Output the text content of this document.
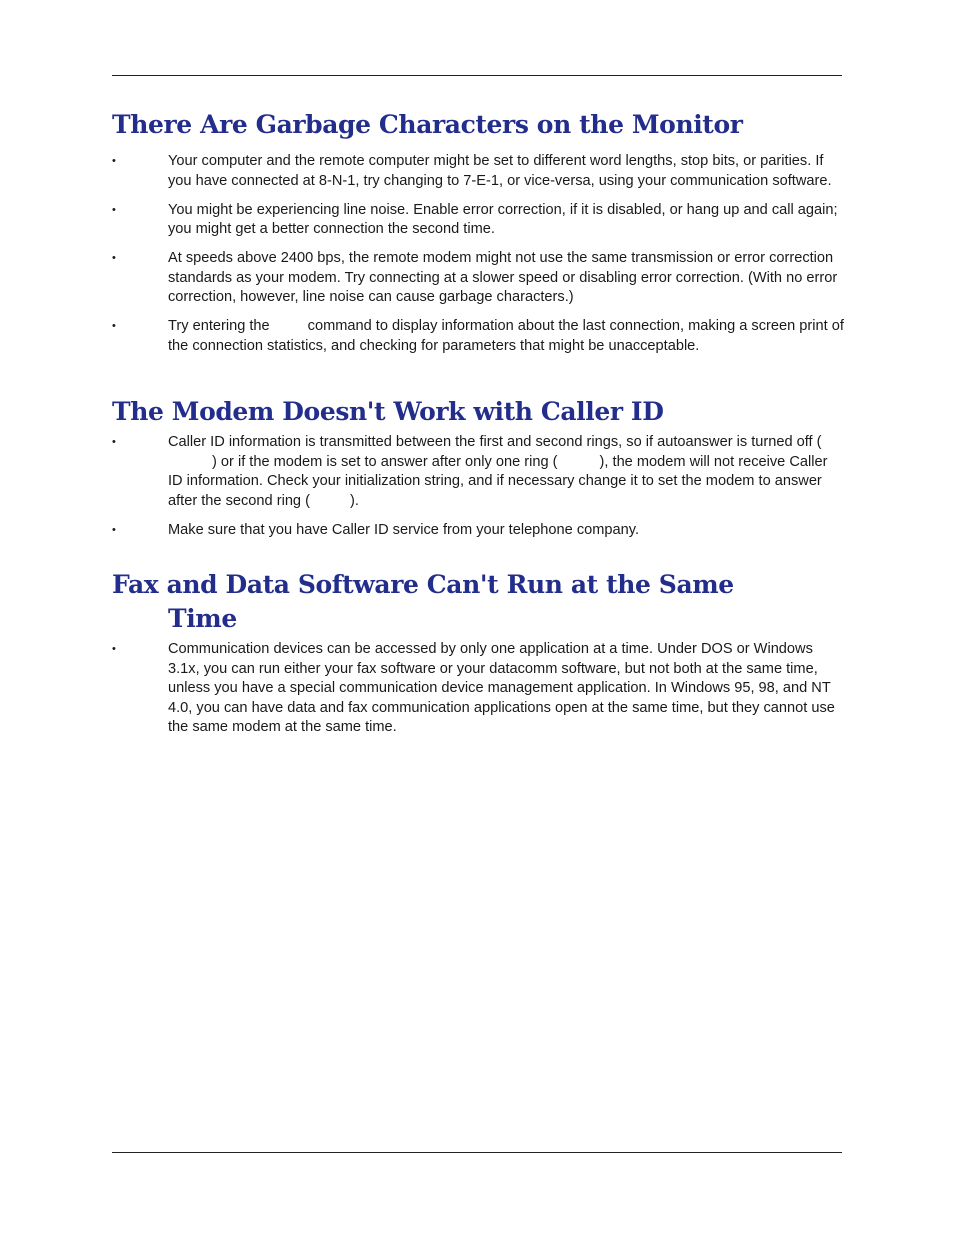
There Are Garbage Characters on the Monitor
•	Your computer and the remote computer might be set to different word lengths, stop bits, or parities. If you have connected at 8-N-1, try changing to 7-E-1, or vice-versa, using your communication software.
•	You might be experiencing line noise. Enable error correction, if it is disabled, or hang up and call again; you might get a better connection the second time.
•	At speeds above 2400 bps, the remote modem might not use the same transmission or error correction standards as your modem. Try connecting at a slower speed or disabling error correction. (With no error correction, however, line noise can cause garbage characters.)
•	Try entering the	command to display information about the last connection, making a screen print of the connection statistics, and checking for parameters that might be unacceptable.
The Modem Doesn't Work with Caller ID
•	Caller ID information is transmitted between the first and second rings, so if autoanswer is turned off () or if the modem is set to answer after only one ring (	), the modem will not receive Caller ID information. Check your initialization string, and if necessary change it to set the modem to answer after the second ring (	).
•	Make sure that you have Caller ID service from your telephone company.
Fax and Data Software Can't Run at the Same
Time
•	Communication devices can be accessed by only one application at a time. Under DOS or Windows 3.1x, you can run either your fax software or your datacomm software, but not both at the same time, unless you have a special communication device management application. In Windows 95, 98, and NT 4.0, you can have data and fax communication applications open at the same time, but they cannot use the same modem at the same time.
